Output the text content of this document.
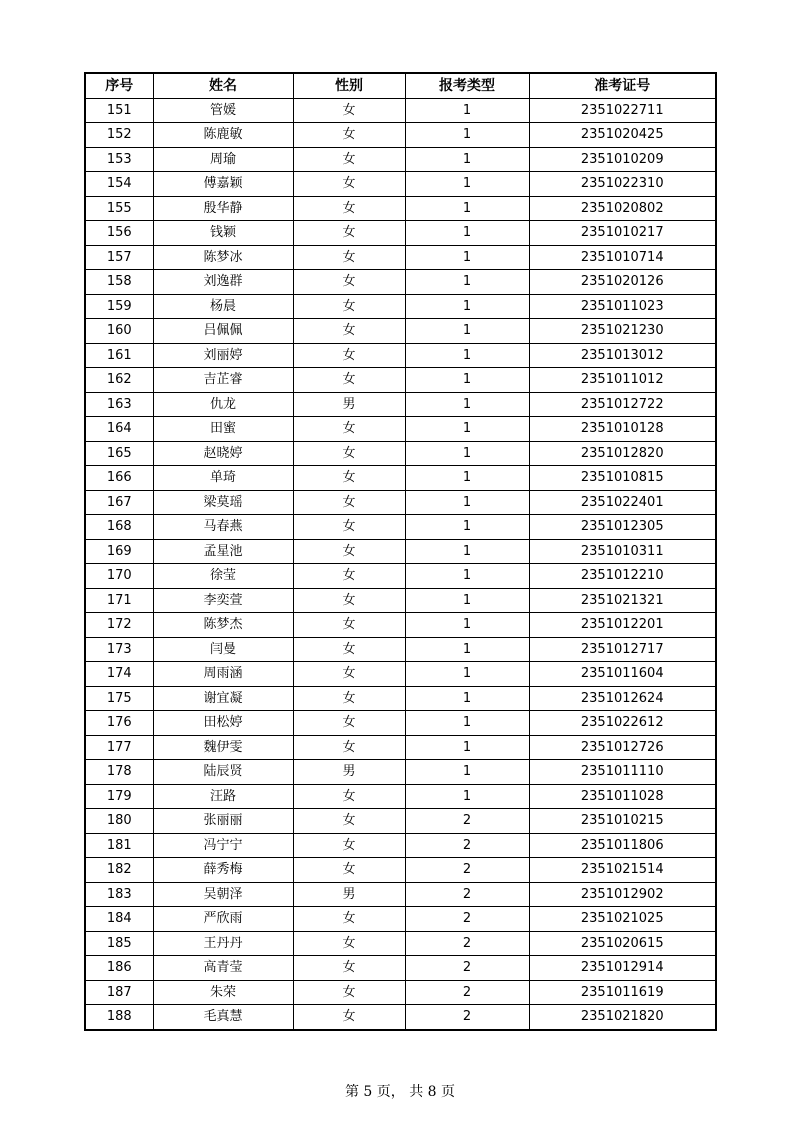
序号	姓名	性别	报考类型	准考证号
151	管媛	女	1	2351022711
152	陈鹿敏	女	1	2351020425
153	周瑜	女	1	2351010209
154	傅嘉颖	女	1	2351022310
155	殷华静	女	1	2351020802
156	钱颖	女	1	2351010217
157	陈梦冰	女	1	2351010714
158	刘逸群	女	1	2351020126
159	杨晨	女	1	2351011023
160	吕佩佩	女	1	2351021230
161	刘丽婷	女	1	2351013012
162	吉芷睿	女	1	2351011012
163	仇龙	男	1	2351012722
164	田蜜	女	1	2351010128
165	赵晓婷	女	1	2351012820
166	单琦	女	1	2351010815
167	梁莫瑶	女	1	2351022401
168	马春燕	女	1	2351012305
169	孟星池	女	1	2351010311
170	徐莹	女	1	2351012210
171	李奕萱	女	1	2351021321
172	陈梦杰	女	1	2351012201
173	闫曼	女	1	2351012717
174	周雨涵	女	1	2351011604
175	谢宜凝	女	1	2351012624
176	田松婷	女	1	2351022612
177	魏伊雯	女	1	2351012726
178	陆辰贤	男	1	2351011110
179	汪路	女	1	2351011028
180	张丽丽	女	2	2351010215
181	冯宁宁	女	2	2351011806
182	薛秀梅	女	2	2351021514
183	吴朝泽	男	2	2351012902
184	严欣雨	女	2	2351021025
185	王丹丹	女	2	2351020615
186	高青莹	女	2	2351012914
187	朱荣	女	2	2351011619
188	毛真慧	女	2	2351021820
第 5 页， 共 8 页
